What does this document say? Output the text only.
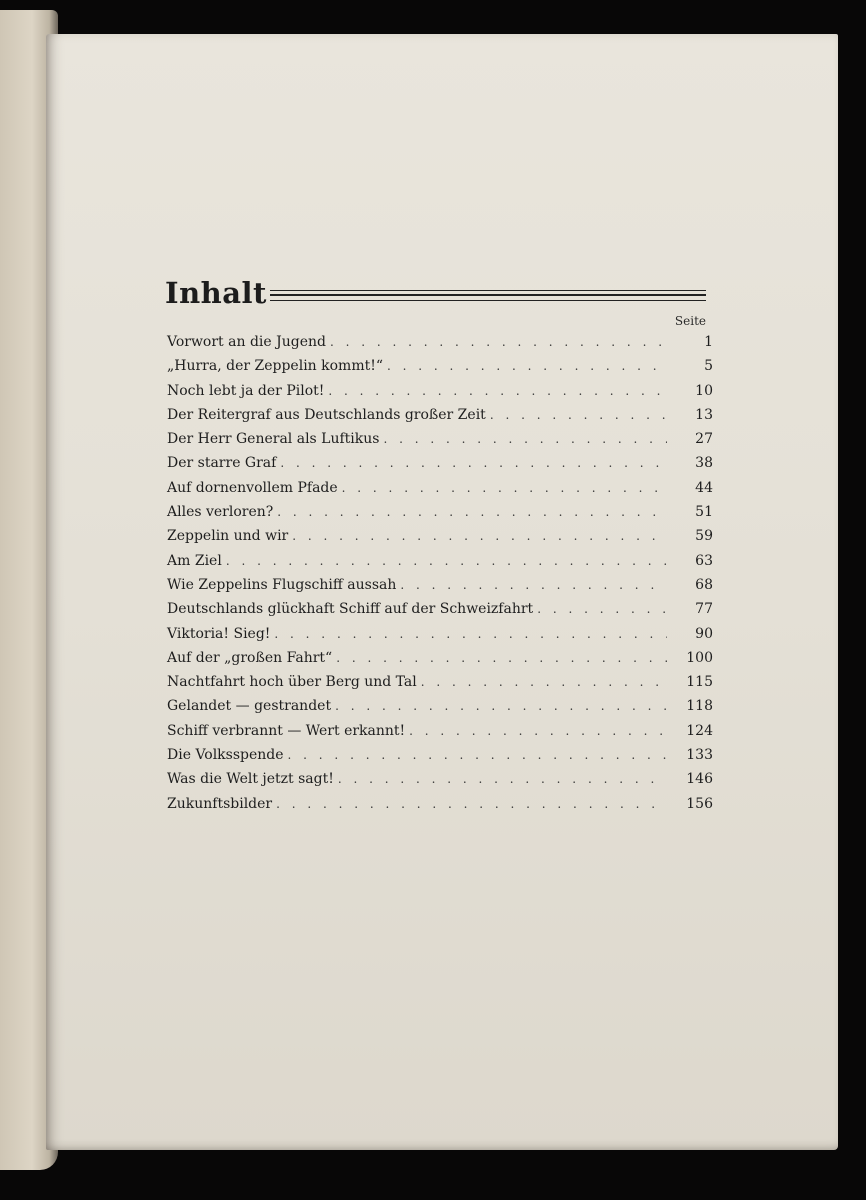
Inhalt
Seite
Vorwort an die Jugend . . .	1
„Hurra, der Zeppelin kommt!“ . . .	5
Noch lebt ja der Pilot! . . .	10
Der Reitergraf aus Deutschlands großer Zeit . . .	13
Der Herr General als Luftikus . . .	27
Der starre Graf . . .	38
Auf dornenvollem Pfade . . .	44
Alles verloren? . . .	51
Zeppelin und wir . . .	59
Am Ziel . . .	63
Wie Zeppelins Flugschiff aussah . . .	68
Deutschlands glückhaft Schiff auf der Schweizfahrt . . .	77
Viktoria! Sieg! . . .	90
Auf der „großen Fahrt“ . . .	100
Nachtfahrt hoch über Berg und Tal . . .	115
Gelandet — gestrandet . . .	118
Schiff verbrannt — Wert erkannt! . . .	124
Die Volksspende . . .	133
Was die Welt jetzt sagt! . . .	146
Zukunftsbilder . . .	156
